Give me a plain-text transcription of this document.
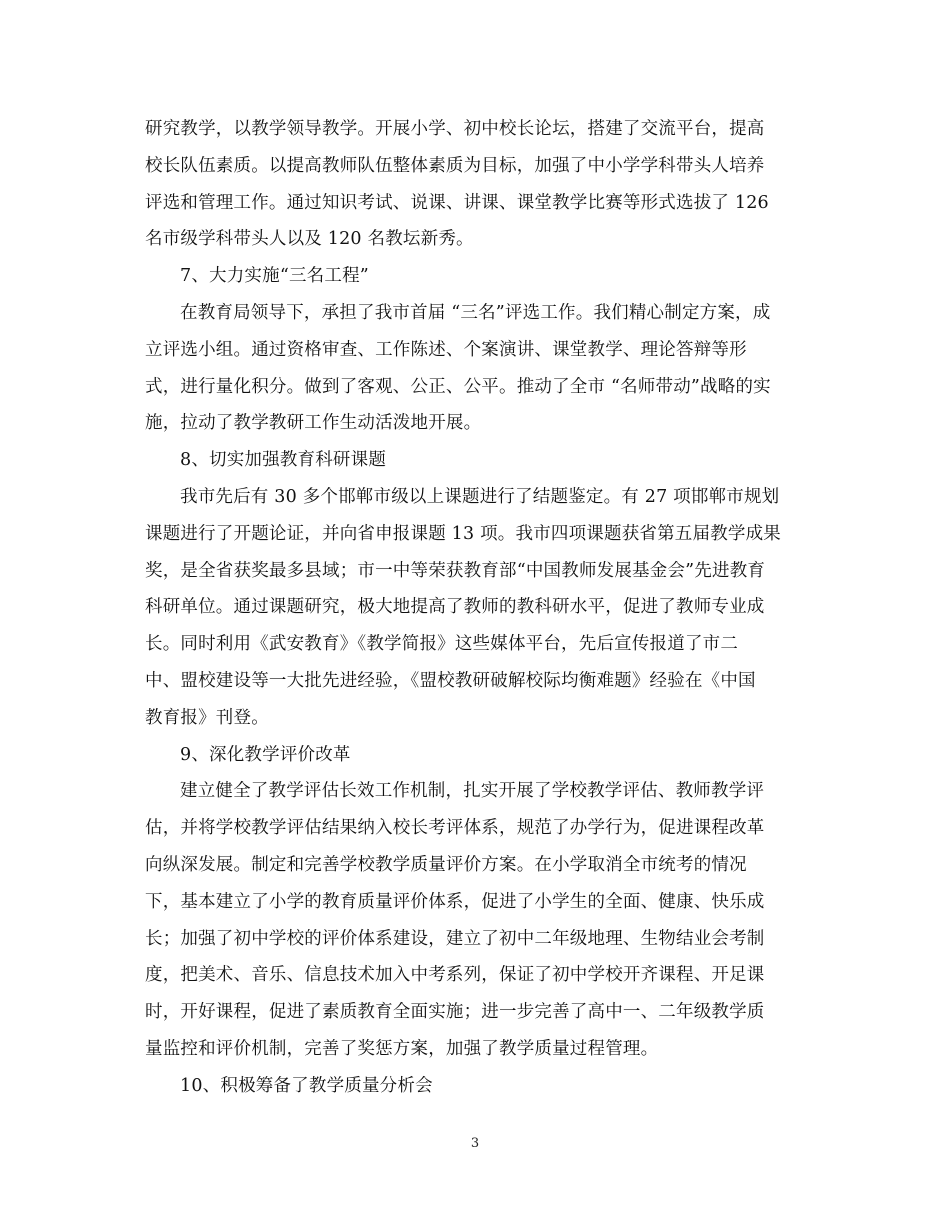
研究教学，以教学领导教学。开展小学、初中校长论坛，搭建了交流平台，提高
校长队伍素质。以提高教师队伍整体素质为目标，加强了中小学学科带头人培养
评选和管理工作。通过知识考试、说课、讲课、课堂教学比赛等形式选拔了 126
名市级学科带头人以及 120 名教坛新秀。
7、大力实施“三名工程”
在教育局领导下，承担了我市首届 “三名”评选工作。我们精心制定方案，成
立评选小组。通过资格审查、工作陈述、个案演讲、课堂教学、理论答辩等形
式，进行量化积分。做到了客观、公正、公平。推动了全市 “名师带动”战略的实
施，拉动了教学教研工作生动活泼地开展。
8、切实加强教育科研课题
我市先后有 30 多个邯郸市级以上课题进行了结题鉴定。有 27 项邯郸市规划
课题进行了开题论证，并向省申报课题 13 项。我市四项课题获省第五届教学成果
奖，是全省获奖最多县域；市一中等荣获教育部“中国教师发展基金会”先进教育
科研单位。通过课题研究，极大地提高了教师的教科研水平，促进了教师专业成
长。同时利用《武安教育》《教学简报》这些媒体平台，先后宣传报道了市二
中、盟校建设等一大批先进经验，《盟校教研破解校际均衡难题》经验在《中国
教育报》刊登。
9、深化教学评价改革
建立健全了教学评估长效工作机制，扎实开展了学校教学评估、教师教学评
估，并将学校教学评估结果纳入校长考评体系，规范了办学行为，促进课程改革
向纵深发展。制定和完善学校教学质量评价方案。在小学取消全市统考的情况
下，基本建立了小学的教育质量评价体系，促进了小学生的全面、健康、快乐成
长；加强了初中学校的评价体系建设，建立了初中二年级地理、生物结业会考制
度，把美术、音乐、信息技术加入中考系列，保证了初中学校开齐课程、开足课
时，开好课程，促进了素质教育全面实施；进一步完善了高中一、二年级教学质
量监控和评价机制，完善了奖惩方案，加强了教学质量过程管理。
10、积极筹备了教学质量分析会
3
